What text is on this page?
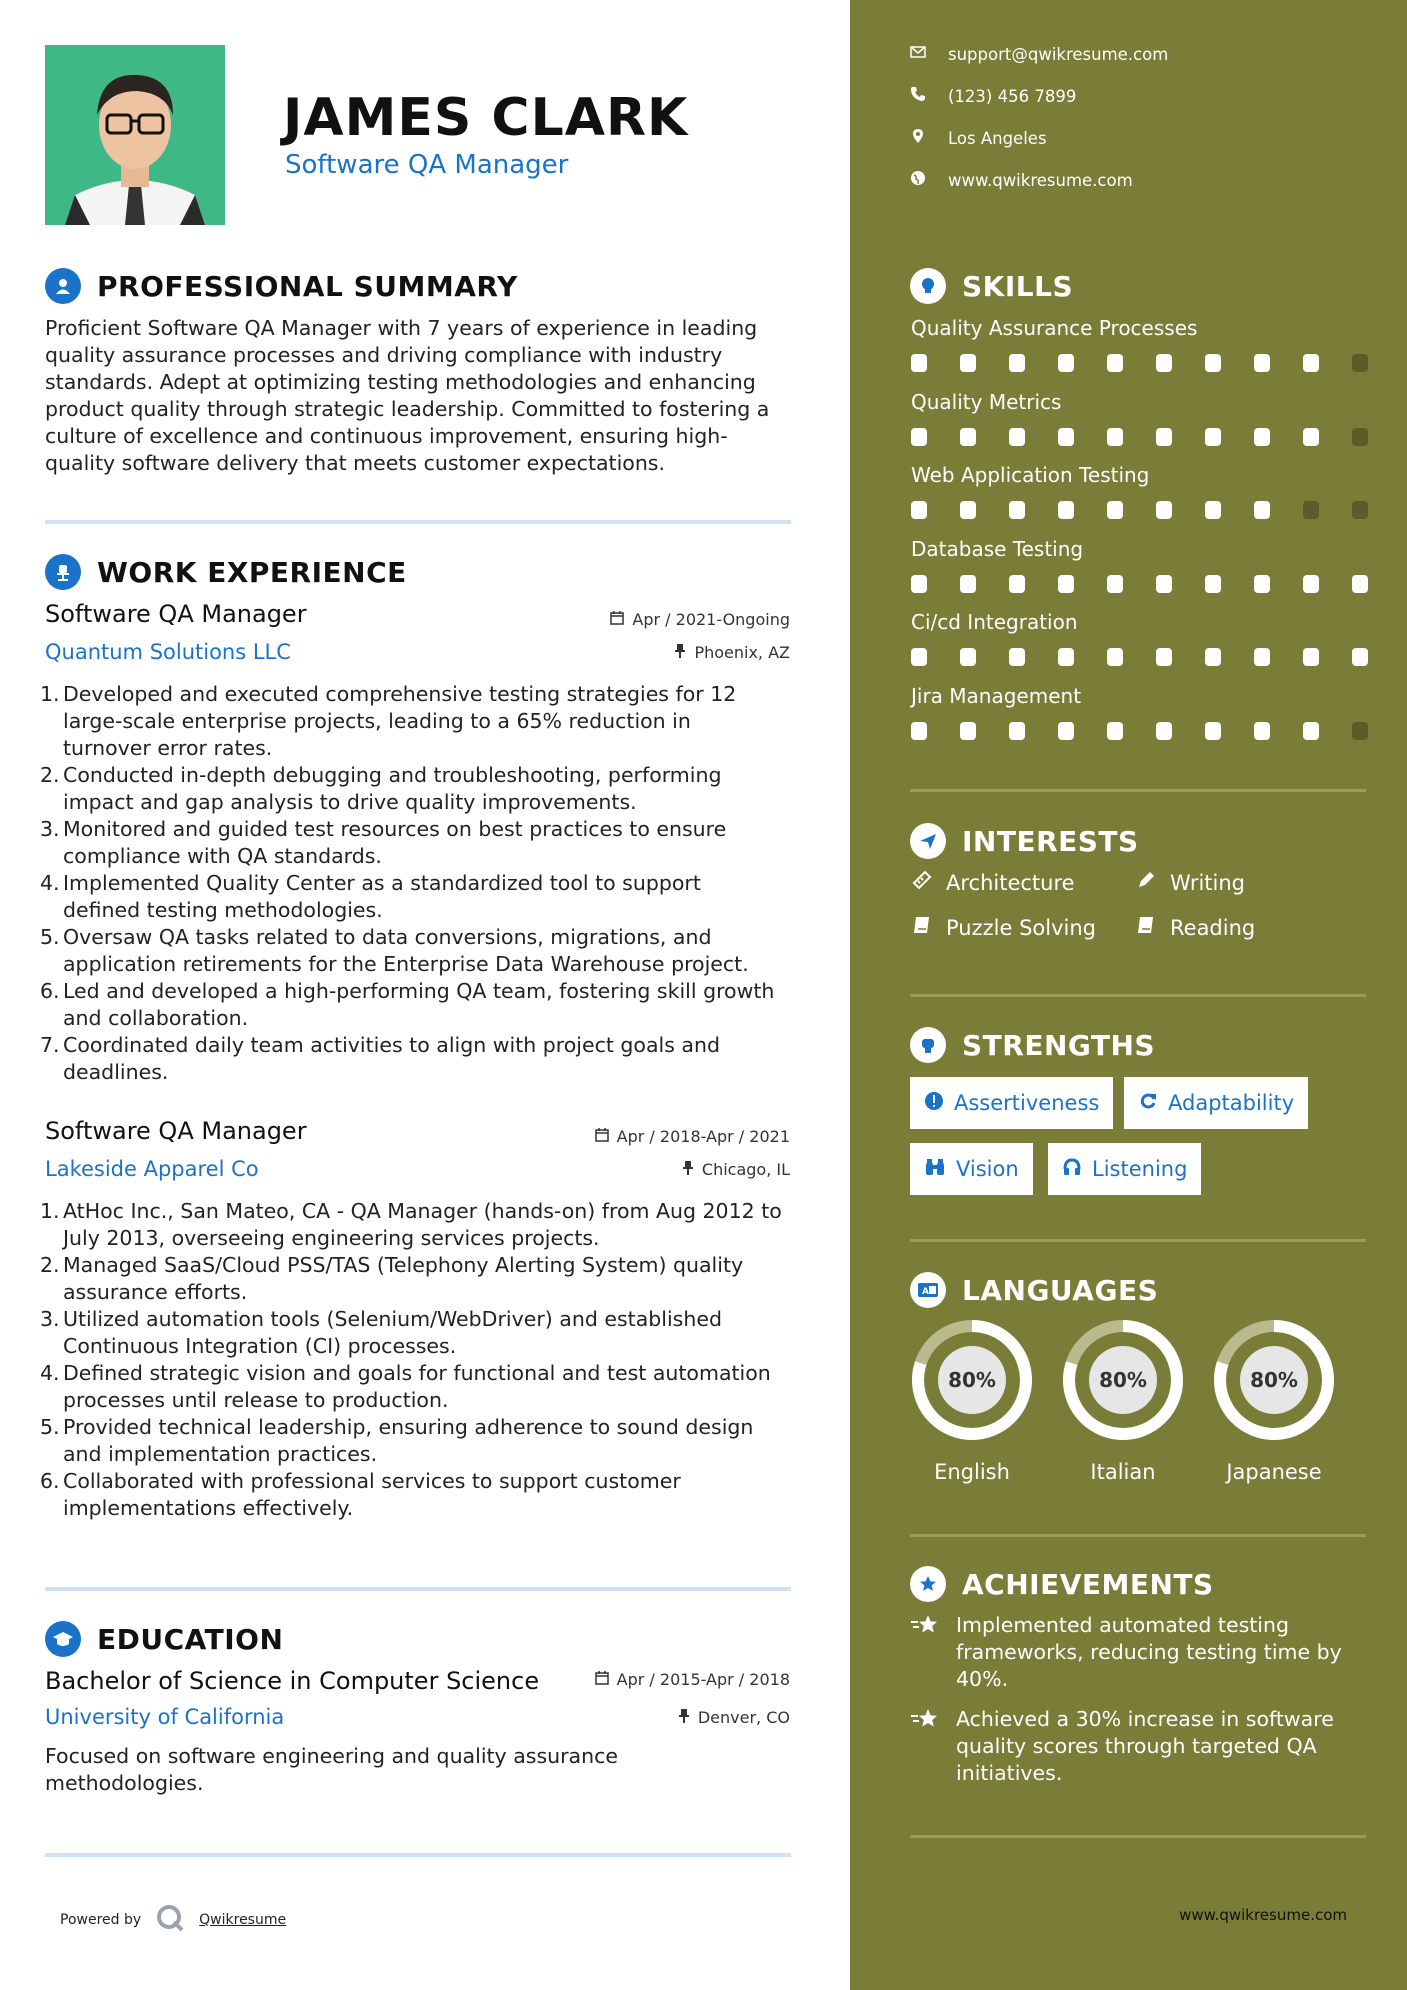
JAMES CLARK
Software QA Manager
PROFESSIONAL SUMMARY
Proficient Software QA Manager with 7 years of experience in leading
quality assurance processes and driving compliance with industry
standards. Adept at optimizing testing methodologies and enhancing
product quality through strategic leadership. Committed to fostering a
culture of excellence and continuous improvement, ensuring high-
quality software delivery that meets customer expectations.
WORK EXPERIENCE
Software QA Manager	Apr / 2021-Ongoing
Quantum Solutions LLC	Phoenix, AZ
1. Developed and executed comprehensive testing strategies for 12
large-scale enterprise projects, leading to a 65% reduction in
turnover error rates.
2. Conducted in-depth debugging and troubleshooting, performing
impact and gap analysis to drive quality improvements.
3. Monitored and guided test resources on best practices to ensure
compliance with QA standards.
4. Implemented Quality Center as a standardized tool to support
defined testing methodologies.
5. Oversaw QA tasks related to data conversions, migrations, and
application retirements for the Enterprise Data Warehouse project.
6. Led and developed a high-performing QA team, fostering skill growth
and collaboration.
7. Coordinated daily team activities to align with project goals and
deadlines.
Software QA Manager	Apr / 2018-Apr / 2021
Lakeside Apparel Co	Chicago, IL
1. AtHoc Inc., San Mateo, CA - QA Manager (hands-on) from Aug 2012 to
July 2013, overseeing engineering services projects.
2. Managed SaaS/Cloud PSS/TAS (Telephony Alerting System) quality
assurance efforts.
3. Utilized automation tools (Selenium/WebDriver) and established
Continuous Integration (CI) processes.
4. Defined strategic vision and goals for functional and test automation
processes until release to production.
5. Provided technical leadership, ensuring adherence to sound design
and implementation practices.
6. Collaborated with professional services to support customer
implementations effectively.
EDUCATION
Bachelor of Science in Computer Science	Apr / 2015-Apr / 2018
University of California	Denver, CO
Focused on software engineering and quality assurance
methodologies.
Powered by	Qwikresume
support@qwikresume.com
(123) 456 7899
Los Angeles
www.qwikresume.com
SKILLS
Quality Assurance Processes
Quality Metrics
Web Application Testing
Database Testing
Ci/cd Integration
Jira Management
INTERESTS
Architecture	Writing
Puzzle Solving	Reading
STRENGTHS
Assertiveness	Adaptability
Vision	Listening
A LANGUAGES
80%
English
80%
Italian
80%
Japanese
ACHIEVEMENTS
Implemented automated testing
frameworks, reducing testing time by
40%.
Achieved a 30% increase in software
quality scores through targeted QA
initiatives.
www.qwikresume.com
